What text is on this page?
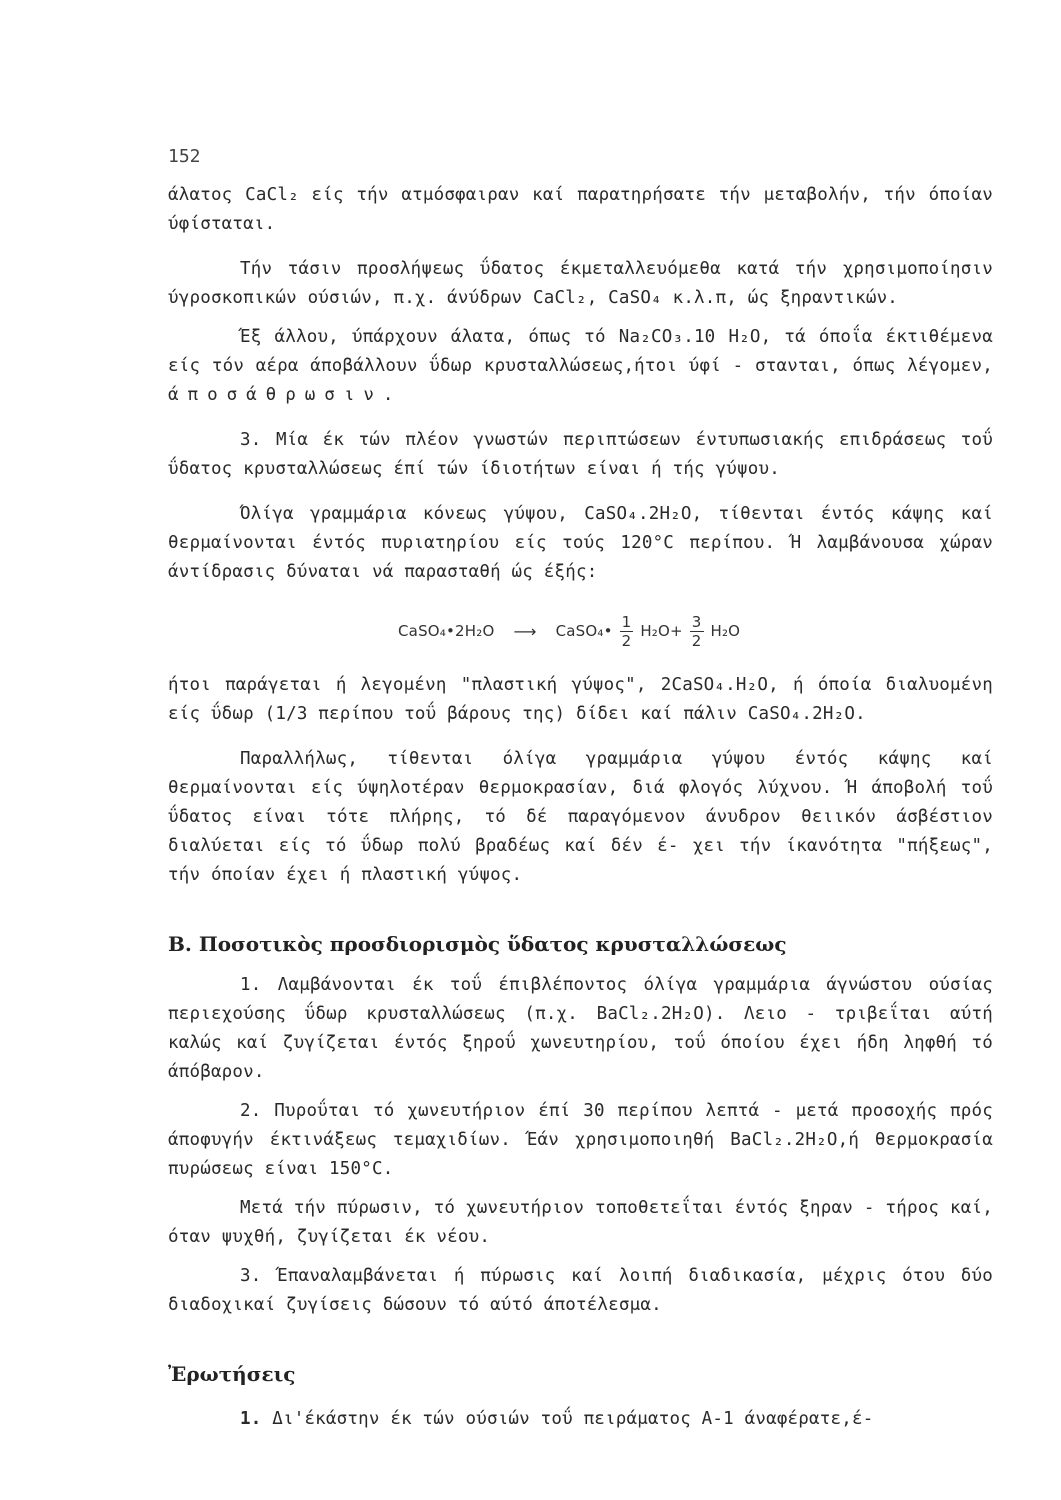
152

άλατος CaCl₂ είς τήν ατμόσφαιραν καί παρατηρήσατε τήν μεταβολήν, τήν όποίαν ύφίσταται.

Τήν τάσιν προσλήψεως ΰδατος έκμεταλλευόμεθα κατά τήν χρησιμοποίησιν ύγροσκοπικών ούσιών, π.χ. άνύδρων CaCl₂, CaSO₄ κ.λ.π, ώς ξηραντικών.

Έξ άλλου, ύπάρχουν άλατα, όπως τό Na₂CO₃.10 H₂O, τά όποΐα έκτιθέμενα είς τόν αέρα άποβάλλουν ΰδωρ κρυσταλλώσεως,ήτοι ύφί - στανται, όπως λέγομεν, άποσάθρωσιν.

3. Μία έκ τών πλέον γνωστών περιπτώσεων έντυπωσιακής επιδράσεως τοΰ ΰδατος κρυσταλλώσεως έπί τών ίδιοτήτων είναι ή τής γύψου.

Όλίγα γραμμάρια κόνεως γύψου, CaSO₄.2H₂O, τίθενται έντός κάψης καί θερμαίνονται έντός πυριατηρίου είς τούς 120°C περίπου. Ή λαμβάνουσα χώραν άντίδρασις δύναται νά παρασταθή ώς έξής:

CaSO₄•2H₂O ⟶ CaSO₄• $\frac{1}{2} H_2O+ \frac{3}{2} H_2O$

ήτοι παράγεται ή λεγομένη "πλαστική γύψος", 2CaSO₄.H₂O, ή όποία διαλυομένη είς ΰδωρ (1/3 περίπου τοΰ βάρους της) δίδει καί πάλιν CaSO₄.2H₂O.

Παραλλήλως, τίθενται όλίγα γραμμάρια γύψου έντός κάψης καί θερμαίνονται είς ύψηλοτέραν θερμοκρασίαν, διά φλογός λύχνου. Ή άποβολή τοΰ ΰδατος είναι τότε πλήρης, τό δέ παραγόμενον άνυδρον θειικόν άσβέστιον διαλύεται είς τό ΰδωρ πολύ βραδέως καί δέν έ- χει τήν ίκανότητα "πήξεως", τήν όποίαν έχει ή πλαστική γύψος.

B. Ποσοτικὸς προσδιορισμὸς ὕδατος κρυσταλλώσεως

1. Λαμβάνονται έκ τοΰ έπιβλέποντος όλίγα γραμμάρια άγνώστου ούσίας περιεχούσης ΰδωρ κρυσταλλώσεως (π.χ. BaCl₂.2H₂O). Λειο - τριβεΐται αύτή καλώς καί ζυγίζεται έντός ξηροΰ χωνευτηρίου, τοΰ όποίου έχει ήδη ληφθή τό άπόβαρον.

2. Πυροΰται τό χωνευτήριον έπί 30 περίπου λεπτά - μετά προσοχής πρός άποφυγήν έκτινάξεως τεμαχιδίων. Έάν χρησιμοποιηθή BaCl₂.2H₂O,ή θερμοκρασία πυρώσεως είναι 150°C.

Μετά τήν πύρωσιν, τό χωνευτήριον τοποθετεΐται έντός ξηραν - τήρος καί, όταν ψυχθή, ζυγίζεται έκ νέου.

3. Έπαναλαμβάνεται ή πύρωσις καί λοιπή διαδικασία, μέχρις ότου δύο διαδοχικαί ζυγίσεις δώσουν τό αύτό άποτέλεσμα.

Ἐρωτήσεις

1. Δι'έκάστην έκ τών ούσιών τοΰ πειράματος A-1 άναφέρατε,έ-
